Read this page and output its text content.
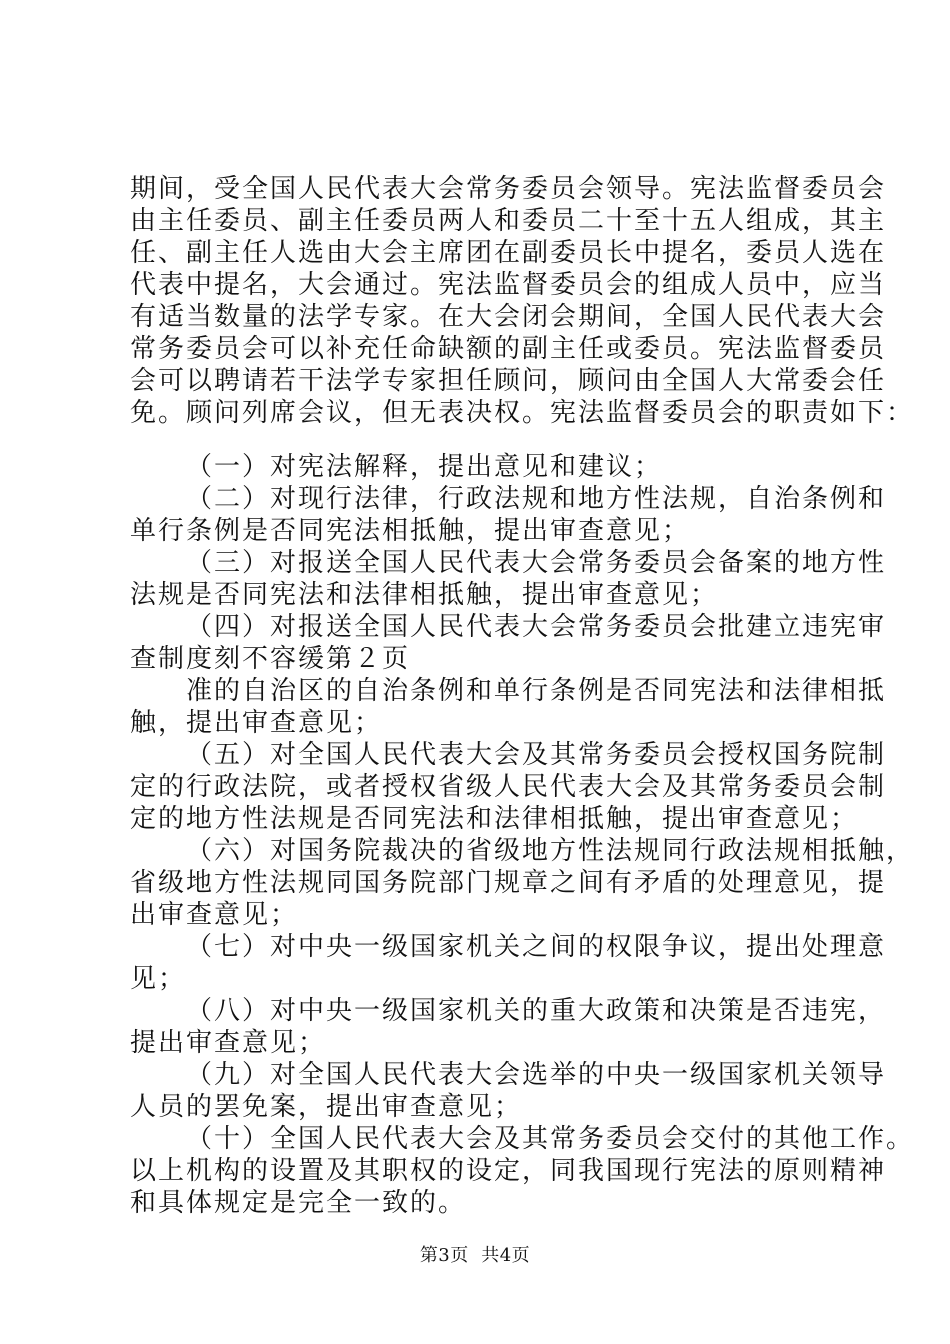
期间，受全国人民代表大会常务委员会领导。宪法监督委员会
由主任委员、副主任委员两人和委员二十至十五人组成，其主
任、副主任人选由大会主席团在副委员长中提名，委员人选在
代表中提名，大会通过。宪法监督委员会的组成人员中，应当
有适当数量的法学专家。在大会闭会期间，全国人民代表大会
常务委员会可以补充任命缺额的副主任或委员。宪法监督委员
会可以聘请若干法学专家担任顾问，顾问由全国人大常委会任
免。顾问列席会议，但无表决权。宪法监督委员会的职责如下：
（一）对宪法解释，提出意见和建议；
（二）对现行法律，行政法规和地方性法规，自治条例和
单行条例是否同宪法相抵触，提出审查意见；
（三）对报送全国人民代表大会常务委员会备案的地方性
法规是否同宪法和法律相抵触，提出审查意见；
（四）对报送全国人民代表大会常务委员会批建立违宪审
查制度刻不容缓第２页
准的自治区的自治条例和单行条例是否同宪法和法律相抵
触，提出审查意见；
（五）对全国人民代表大会及其常务委员会授权国务院制
定的行政法院，或者授权省级人民代表大会及其常务委员会制
定的地方性法规是否同宪法和法律相抵触，提出审查意见；
（六）对国务院裁决的省级地方性法规同行政法规相抵触，
省级地方性法规同国务院部门规章之间有矛盾的处理意见，提
出审查意见；
（七）对中央一级国家机关之间的权限争议，提出处理意
见；
（八）对中央一级国家机关的重大政策和决策是否违宪，
提出审查意见；
（九）对全国人民代表大会选举的中央一级国家机关领导
人员的罢免案，提出审查意见；
（十）全国人民代表大会及其常务委员会交付的其他工作。
以上机构的设置及其职权的设定，同我国现行宪法的原则精神
和具体规定是完全一致的。
第3页  共4页
